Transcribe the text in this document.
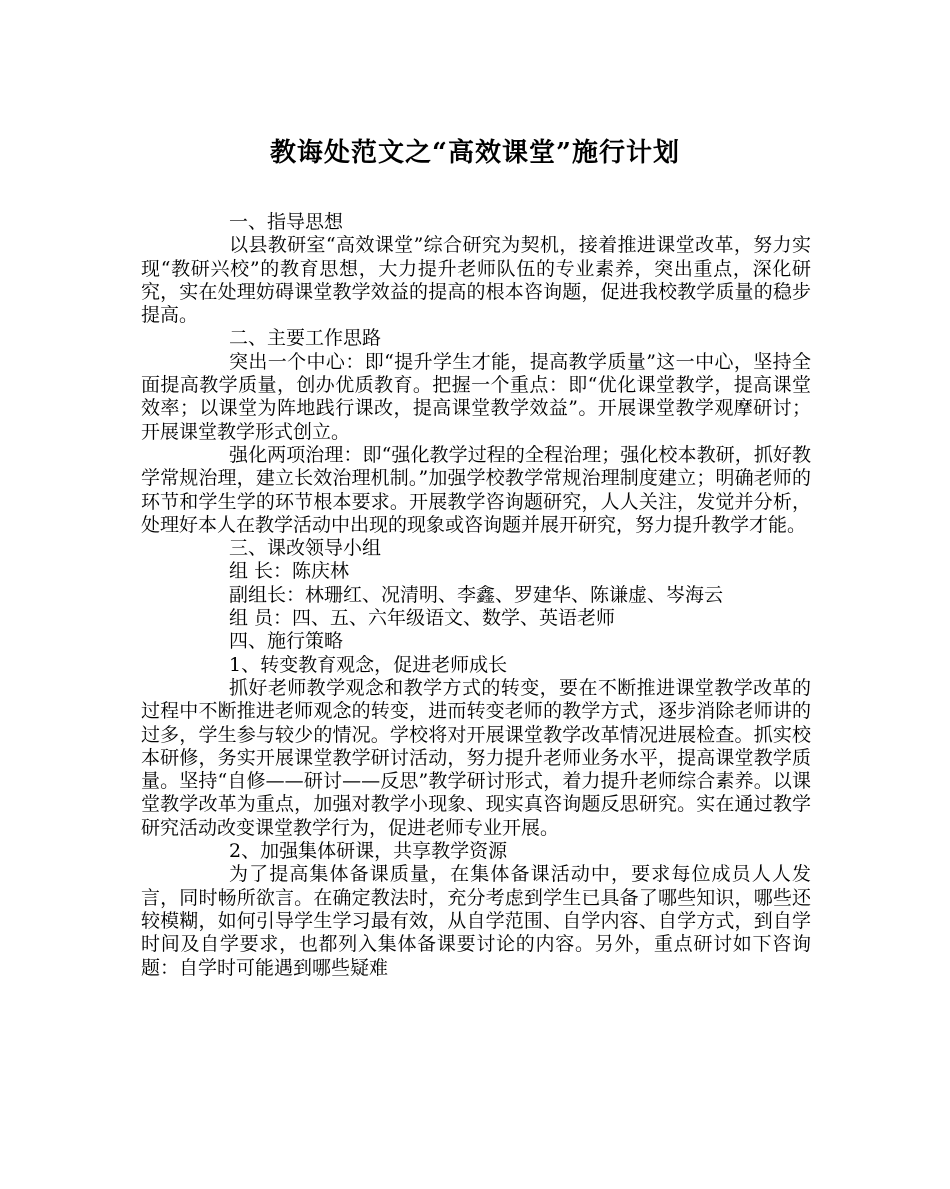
教诲处范文之“高效课堂”施行计划

一、指导思想

以县教研室“高效课堂”综合研究为契机，接着推进课堂改革，努力实现“教研兴校”的教育思想，大力提升老师队伍的专业素养，突出重点，深化研究，实在处理妨碍课堂教学效益的提高的根本咨询题，促进我校教学质量的稳步提高。

二、主要工作思路

突出一个中心：即“提升学生才能，提高教学质量”这一中心，坚持全面提高教学质量，创办优质教育。把握一个重点：即“优化课堂教学，提高课堂效率；以课堂为阵地践行课改，提高课堂教学效益”。开展课堂教学观摩研讨；开展课堂教学形式创立。

强化两项治理：即“强化教学过程的全程治理；强化校本教研，抓好教学常规治理，建立长效治理机制。”加强学校教学常规治理制度建立；明确老师的环节和学生学的环节根本要求。开展教学咨询题研究，人人关注，发觉并分析，处理好本人在教学活动中出现的现象或咨询题并展开研究，努力提升教学才能。

三、课改领导小组

组 长：陈庆林

副组长：林珊红、况清明、李鑫、罗建华、陈谦虚、岑海云

组 员：四、五、六年级语文、数学、英语老师

四、施行策略

1、转变教育观念，促进老师成长

抓好老师教学观念和教学方式的转变，要在不断推进课堂教学改革的过程中不断推进老师观念的转变，进而转变老师的教学方式，逐步消除老师讲的过多，学生参与较少的情况。学校将对开展课堂教学改革情况进展检查。抓实校本研修，务实开展课堂教学研讨活动，努力提升老师业务水平，提高课堂教学质量。坚持“自修——研讨——反思”教学研讨形式，着力提升老师综合素养。以课堂教学改革为重点，加强对教学小现象、现实真咨询题反思研究。实在通过教学研究活动改变课堂教学行为，促进老师专业开展。

2、加强集体研课，共享教学资源

为了提高集体备课质量，在集体备课活动中，要求每位成员人人发言，同时畅所欲言。在确定教法时，充分考虑到学生已具备了哪些知识，哪些还较模糊，如何引导学生学习最有效，从自学范围、自学内容、自学方式，到自学时间及自学要求，也都列入集体备课要讨论的内容。另外，重点研讨如下咨询题：自学时可能遇到哪些疑难
